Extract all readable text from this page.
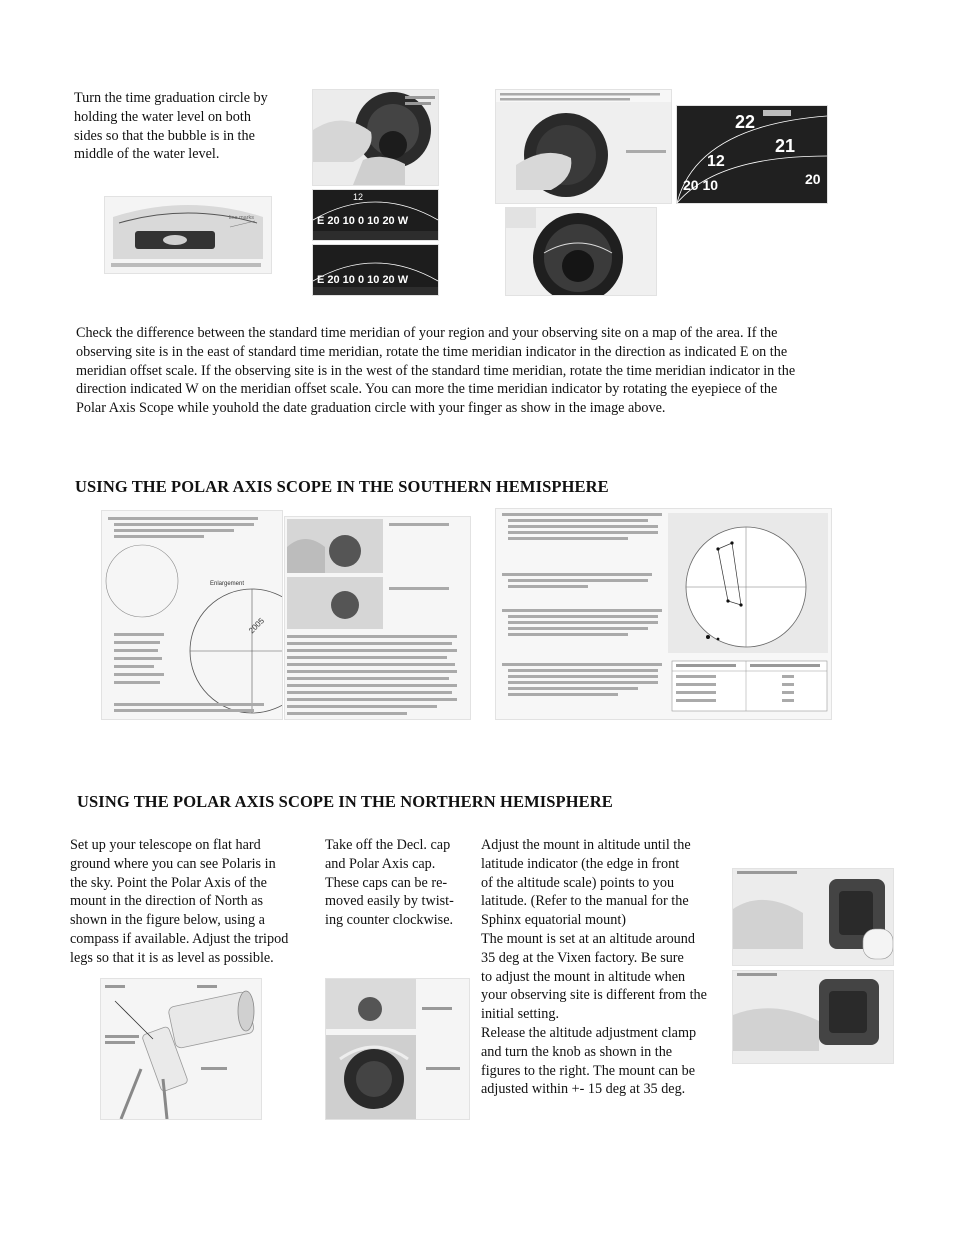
Turn the time graduation circle by
holding the water level on both
sides so that the bubble is in the
middle of the water level.

line marks	E 20 10 0 10 20 W
12
E 20 10 0 10 20 W
22
21
12
20 10	20

Check the difference between the standard time meridian of your region and your observing site on a map of the area. If the
observing site is in the east of standard time meridian, rotate the time meridian indicator in the direction as indicated E on the
meridian offset scale. If the observing site is in the west of the standard time meridian, rotate the time meridian indicator in the
direction indicated W on the meridian offset scale. You can more the time meridian indicator by rotating the eyepiece of the
Polar Axis Scope while youhold the date graduation circle with your finger as show in the image above.

USING THE POLAR AXIS SCOPE IN THE SOUTHERN HEMISPHERE
Enlargement
2005
USING THE POLAR AXIS SCOPE IN THE NORTHERN HEMISPHERE

Set up your telescope on flat hard
ground where you can see Polaris in
the sky. Point the Polar Axis of the
mount in the direction of North as
shown in the figure below, using a
compass if available. Adjust the tripod
legs so that it is as level as possible.

Take off the Decl. cap
and Polar Axis cap.
These caps can be re-
moved easily by twist-
ing counter clockwise.

Adjust the mount in altitude until the
latitude indicator (the edge in front
of the altitude scale) points to you
latitude. (Refer to the manual for the
Sphinx equatorial mount)
The mount is set at an altitude around
35 deg at the Vixen factory. Be sure
to adjust the mount in altitude when
your observing site is different from the
initial setting.
Release the altitude adjustment clamp
and turn the knob as shown in the
figures to the right. The mount can be
adjusted within +- 15 deg at 35 deg.
